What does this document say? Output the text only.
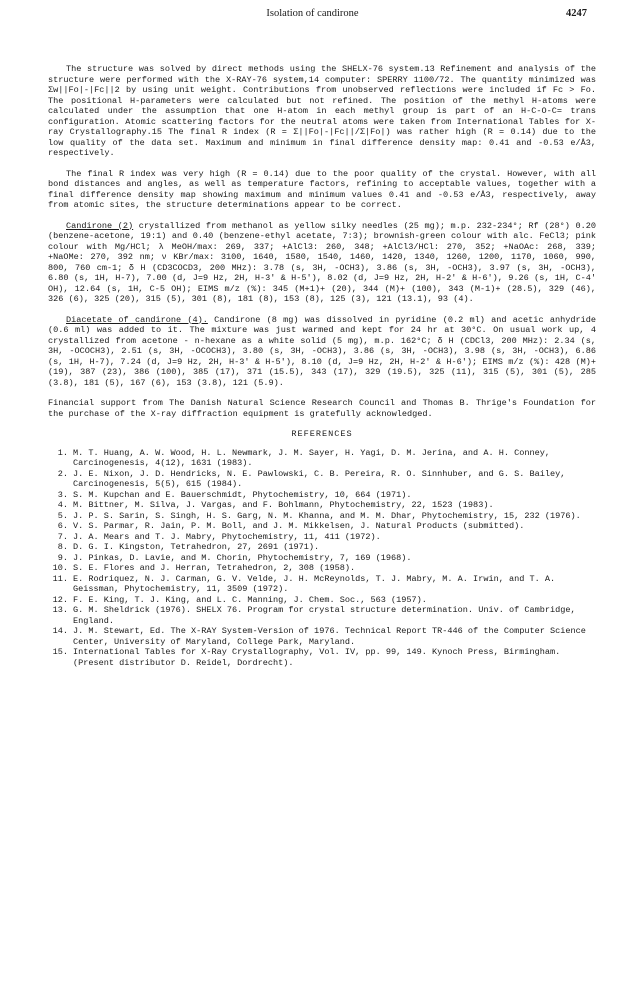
Isolation of candirone	4247

The structure was solved by direct methods using the SHELX-76 system.13 Refinement and analysis of the structure were performed with the X-RAY-76 system,14 computer: SPERRY 1100/72. The quantity minimized was Σw||Fo|-|Fc||2 by using unit weight. Contributions from unobserved reflections were included if Fc > Fo. The positional H-parameters were calculated but not refined. The position of the methyl H-atoms were calculated under the assumption that one H-atom in each methyl group is part of an H-C-O-C= trans configuration. Atomic scattering factors for the neutral atoms were taken from International Tables for X-ray Crystallography.15 The final R index (R = Σ||Fo|-|Fc||/Σ|Fo|) was rather high (R = 0.14) due to the low quality of the data set. Maximum and minimum in final difference density map: 0.41 and -0.53 e/Å3, respectively.

The final R index was very high (R = 0.14) due to the poor quality of the crystal. However, with all bond distances and angles, as well as temperature factors, refining to acceptable values, together with a final difference density map showing maximum and minimum values 0.41 and -0.53 e/Å3, respectively, away from atomic sites, the structure determinations appear to be correct.

Candirone (2) crystallized from methanol as yellow silky needles (25 mg); m.p. 232-234°; Rf (28°) 0.20 (benzene-acetone, 19:1) and 0.40 (benzene-ethyl acetate, 7:3); brownish-green colour with alc. FeCl3; pink colour with Mg/HCl; λ MeOH/max: 269, 337; +AlCl3: 260, 348; +AlCl3/HCl: 270, 352; +NaOAc: 268, 339; +NaOMe: 270, 392 nm; ν KBr/max: 3100, 1640, 1580, 1540, 1460, 1420, 1340, 1260, 1200, 1170, 1060, 990, 800, 760 cm-1; δ H (CD3COCD3, 200 MHz): 3.78 (s, 3H, -OCH3), 3.86 (s, 3H, -OCH3), 3.97 (s, 3H, -OCH3), 6.80 (s, 1H, H-7), 7.00 (d, J=9 Hz, 2H, H-3' & H-5'), 8.02 (d, J=9 Hz, 2H, H-2' & H-6'), 9.26 (s, 1H, C-4' OH), 12.64 (s, 1H, C-5 OH); EIMS m/z (%): 345 (M+1)+ (20), 344 (M)+ (100), 343 (M-1)+ (28.5), 329 (46), 326 (6), 325 (20), 315 (5), 301 (8), 181 (8), 153 (8), 125 (3), 121 (13.1), 93 (4).

Diacetate of candirone (4). Candirone (8 mg) was dissolved in pyridine (0.2 ml) and acetic anhydride (0.6 ml) was added to it. The mixture was just warmed and kept for 24 hr at 30°C. On usual work up, 4 crystallized from acetone - n-hexane as a white solid (5 mg), m.p. 162°C; δ H (CDCl3, 200 MHz): 2.34 (s, 3H, -OCOCH3), 2.51 (s, 3H, -OCOCH3), 3.80 (s, 3H, -OCH3), 3.86 (s, 3H, -OCH3), 3.98 (s, 3H, -OCH3), 6.86 (s, 1H, H-7), 7.24 (d, J=9 Hz, 2H, H-3' & H-5'), 8.10 (d, J=9 Hz, 2H, H-2' & H-6'); EIMS m/z (%): 428 (M)+ (19), 387 (23), 386 (100), 385 (17), 371 (15.5), 343 (17), 329 (19.5), 325 (11), 315 (5), 301 (5), 285 (3.8), 181 (5), 167 (6), 153 (3.8), 121 (5.9).

Financial support from The Danish Natural Science Research Council and Thomas B. Thrige's Foundation for the purchase of the X-ray diffraction equipment is gratefully acknowledged.

REFERENCES
1. M. T. Huang, A. W. Wood, H. L. Newmark, J. M. Sayer, H. Yagi, D. M. Jerina, and A. H. Conney, Carcinogenesis, 4(12), 1631 (1983).
2. J. E. Nixon, J. D. Hendricks, N. E. Pawlowski, C. B. Pereira, R. O. Sinnhuber, and G. S. Bailey, Carcinogenesis, 5(5), 615 (1984).
3. S. M. Kupchan and E. Bauerschmidt, Phytochemistry, 10, 664 (1971).
4. M. Bittner, M. Silva, J. Vargas, and F. Bohlmann, Phytochemistry, 22, 1523 (1983).
5. J. P. S. Sarin, S. Singh, H. S. Garg, N. M. Khanna, and M. M. Dhar, Phytochemistry, 15, 232 (1976).
6. V. S. Parmar, R. Jain, P. M. Boll, and J. M. Mikkelsen, J. Natural Products (submitted).
7. J. A. Mears and T. J. Mabry, Phytochemistry, 11, 411 (1972).
8. D. G. I. Kingston, Tetrahedron, 27, 2691 (1971).
9. J. Pinkas, D. Lavie, and M. Chorin, Phytochemistry, 7, 169 (1968).
10. S. E. Flores and J. Herran, Tetrahedron, 2, 308 (1958).
11. E. Rodriquez, N. J. Carman, G. V. Velde, J. H. McReynolds, T. J. Mabry, M. A. Irwin, and T. A. Geissman, Phytochemistry, 11, 3509 (1972).
12. F. E. King, T. J. King, and L. C. Manning, J. Chem. Soc., 563 (1957).
13. G. M. Sheldrick (1976). SHELX 76. Program for crystal structure determination. Univ. of Cambridge, England.
14. J. M. Stewart, Ed. The X-RAY System-Version of 1976. Technical Report TR-446 of the Computer Science Center, University of Maryland, College Park, Maryland.
15. International Tables for X-Ray Crystallography, Vol. IV, pp. 99, 149. Kynoch Press, Birmingham. (Present distributor D. Reidel, Dordrecht).
